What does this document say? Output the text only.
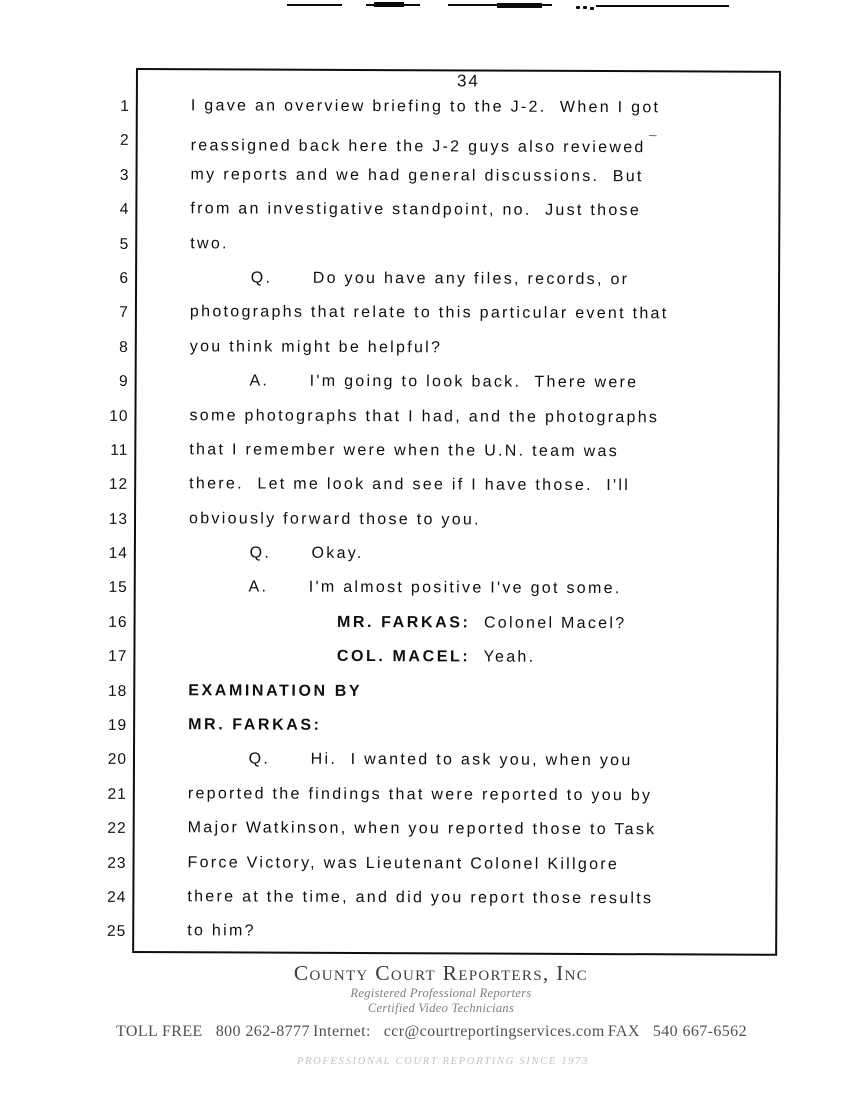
34
1	I gave an overview briefing to the J-2.  When I got
2	reassigned back here the J-2 guys also reviewed ¯
3	my reports and we had general discussions.  But
4	from an investigative standpoint, no.  Just those
5	two.
6	Q.      Do you have any files, records, or
7	photographs that relate to this particular event that
8	you think might be helpful?
9	A.      I'm going to look back.  There were
10	some photographs that I had, and the photographs
11	that I remember were when the U.N. team was
12	there.  Let me look and see if I have those.  I'll
13	obviously forward those to you.
14	Q.      Okay.
15	A.      I'm almost positive I've got some.
16	MR. FARKAS:  Colonel Macel?
17	COL. MACEL:  Yeah.
18	EXAMINATION BY
19	MR. FARKAS:
20	Q.      Hi.  I wanted to ask you, when you
21	reported the findings that were reported to you by
22	Major Watkinson, when you reported those to Task
23	Force Victory, was Lieutenant Colonel Killgore
24	there at the time, and did you report those results
25	to him?
County Court Reporters, Inc
Registered Professional Reporters
Certified Video Technicians
TOLL FREE 800 262-8777 Internet: ccr@courtreportingservices.com FAX 540 667-6562
PROFESSIONAL COURT REPORTING SINCE 1973
